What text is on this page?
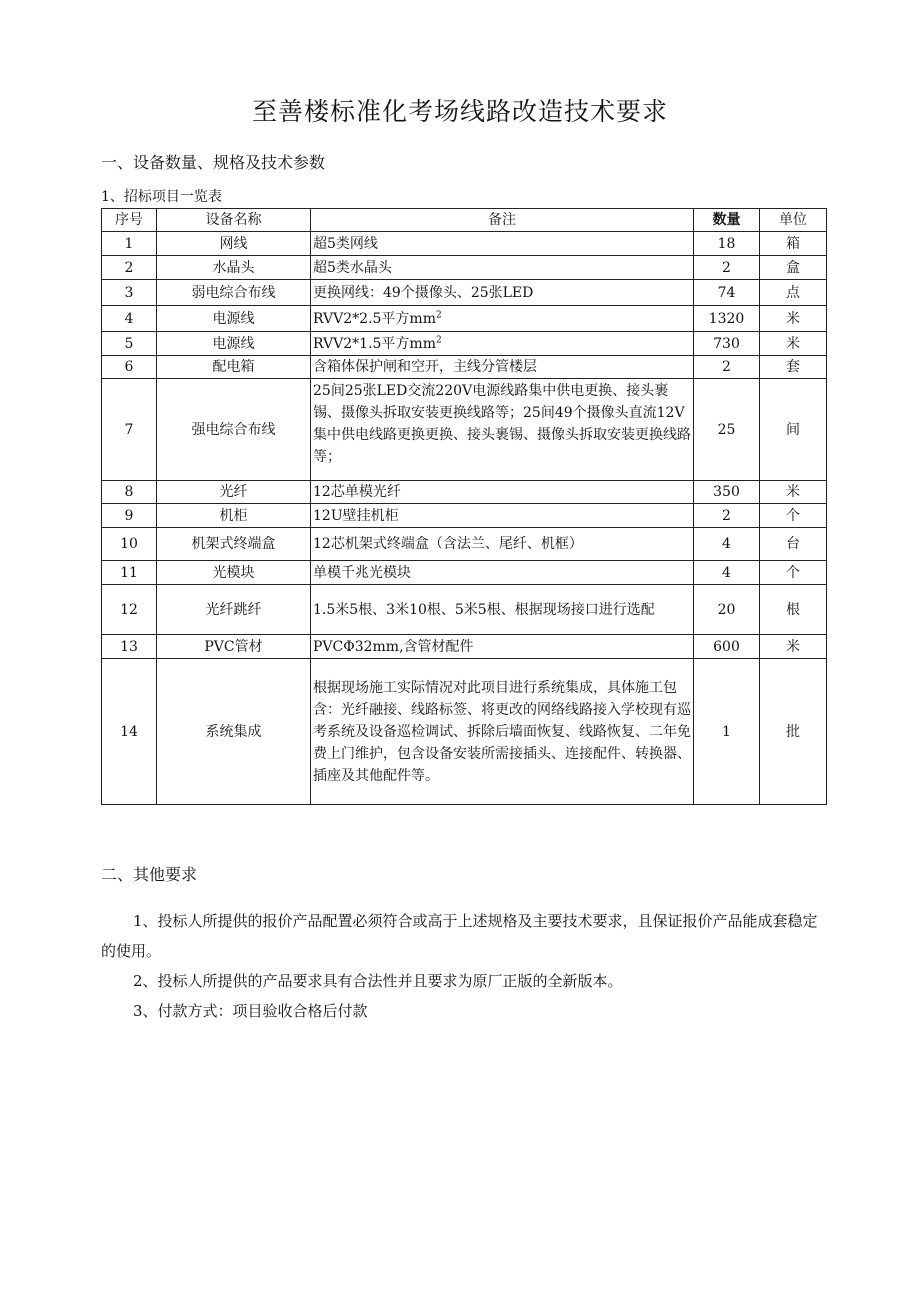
至善楼标准化考场线路改造技术要求
一、设备数量、规格及技术参数
1、招标项目一览表
序号	设备名称	备注	数量	单位
1	网线	超5类网线	18	箱
2	水晶头	超5类水晶头	2	盒
3	弱电综合布线	更换网线：49个摄像头、25张LED	74	点
4	电源线	RVV2*2.5平方$mm^2$	1320	米
5	电源线	RVV2*1.5平方$mm^2$	730	米
6	配电箱	含箱体保护闸和空开，主线分管楼层	2	套
7	强电综合布线	25间25张LED交流220V电源线路集中供电更换、接头裹锡、摄像头拆取安装更换线路等；25间49个摄像头直流12V集中供电线路更换更换、接头裹锡、摄像头拆取安装更换线路等；	25	间
8	光纤	12芯单模光纤	350	米
9	机柜	12U壁挂机柜	2	个
10	机架式终端盒	12芯机架式终端盒（含法兰、尾纤、机框）	4	台
11	光模块	单模千兆光模块	4	个
12	光纤跳纤	1.5米5根、3米10根、5米5根、根据现场接口进行选配	20	根
13	PVC管材	PVCΦ32mm,含管材配件	600	米
14	系统集成	根据现场施工实际情况对此项目进行系统集成，具体施工包含：光纤融接、线路标签、将更改的网络线路接入学校现有巡考系统及设备巡检调试、拆除后墙面恢复、线路恢复、二年免费上门维护，包含设备安装所需接插头、连接配件、转换器、插座及其他配件等。	1	批
二、其他要求

1、投标人所提供的报价产品配置必须符合或高于上述规格及主要技术要求，且保证报价产品能成套稳定的使用。

2、投标人所提供的产品要求具有合法性并且要求为原厂正版的全新版本。

3、付款方式：项目验收合格后付款
